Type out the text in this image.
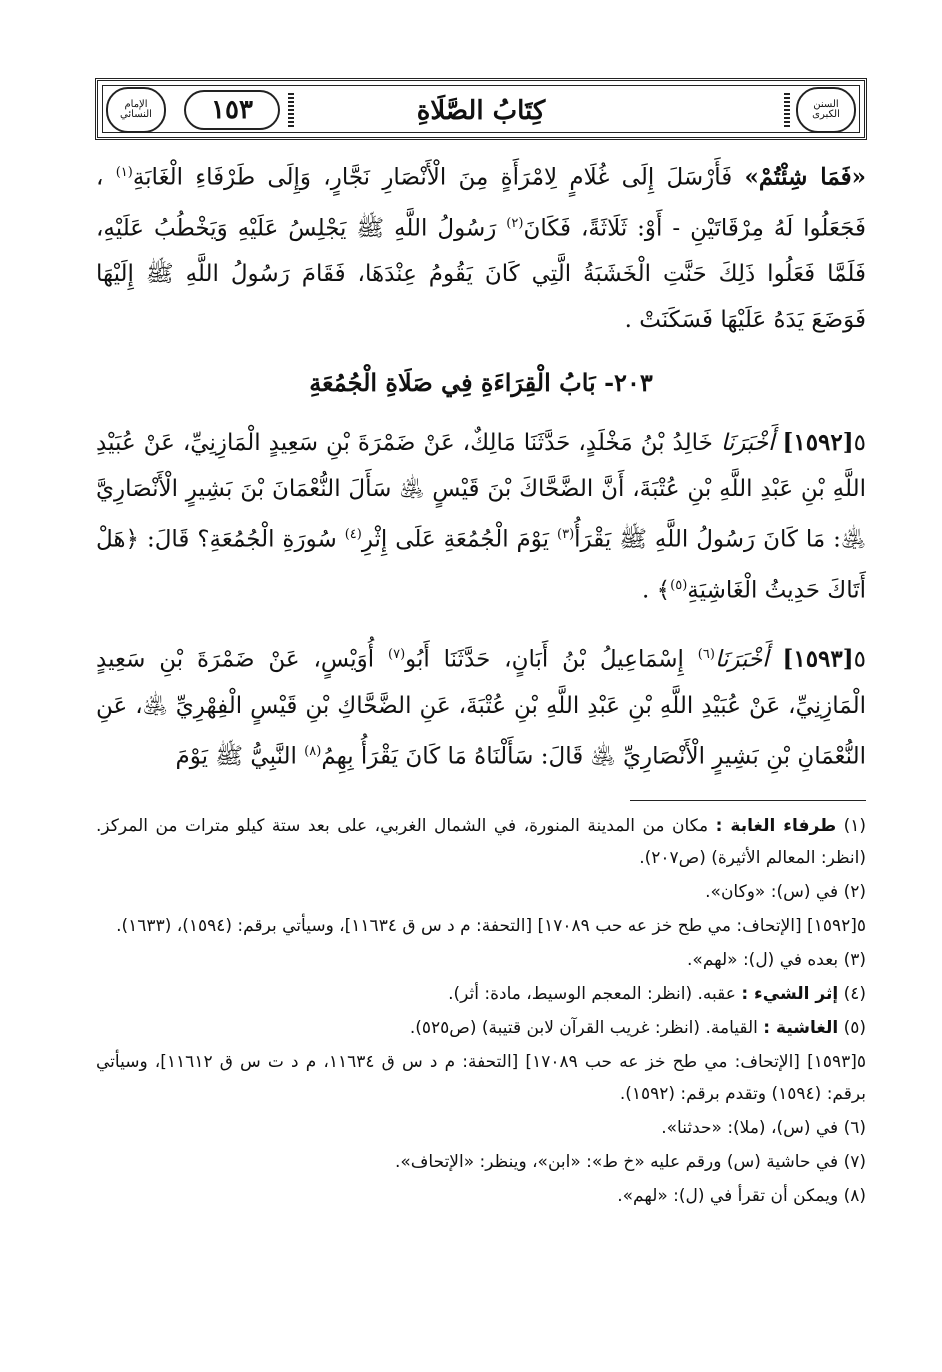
السنن الكبرى
الإمام النسائي	١٥٣	كِتَابُ الصَّلَاةِ
«فَمَا شِئْتُمْ» فَأَرْسَلَ إِلَى غُلَامٍ لِامْرَأَةٍ مِنَ الْأَنْصَارِ نَجَّارٍ، وَإِلَى طَرْفَاءِ الْغَابَةِ$^{(١)}$ ، فَجَعَلُوا لَهُ مِرْقَاتَيْنِ - أَوْ: ثَلَاثَةً، فَكَانَ$^{(٢)}$ رَسُولُ اللَّهِ ﷺ يَجْلِسُ عَلَيْهِ وَيَخْطُبُ عَلَيْهِ، فَلَمَّا فَعَلُوا ذَلِكَ حَنَّتِ الْخَشَبَةُ الَّتِي كَانَ يَقُومُ عِنْدَهَا، فَقَامَ رَسُولُ اللَّهِ ﷺ إِلَيْهَا فَوَضَعَ يَدَهُ عَلَيْهَا فَسَكَنَتْ .
٢٠٣- بَابُ الْقِرَاءَةِ فِي صَلَاةِ الْجُمُعَةِ
٥[١٥٩٢] أَخْبَرَنَا خَالِدُ بْنُ مَخْلَدٍ، حَدَّثَنَا مَالِكٌ، عَنْ ضَمْرَةَ بْنِ سَعِيدٍ الْمَازِنِيِّ، عَنْ عُبَيْدِ اللَّهِ بْنِ عَبْدِ اللَّهِ بْنِ عُتْبَةَ، أَنَّ الضَّحَّاكَ بْنَ قَيْسٍ ﵁ سَأَلَ النُّعْمَانَ بْنَ بَشِيرٍ الْأَنْصَارِيَّ ﵁: مَا كَانَ رَسُولُ اللَّهِ ﷺ يَقْرَأُ$^{(٣)}$ يَوْمَ الْجُمُعَةِ عَلَى إِثْرِ$^{(٤)}$ سُورَةِ الْجُمُعَةِ؟ قَالَ: ﴿هَلْ أَتَاكَ حَدِيثُ الْغَاشِيَةِ$^{(٥)}$﴾ .
٥[١٥٩٣] أَخْبَرَنَا$^{(٦)}$ إِسْمَاعِيلُ بْنُ أَبَانٍ، حَدَّثَنَا أَبُو$^{(٧)}$ أُوَيْسٍ، عَنْ ضَمْرَةَ بْنِ سَعِيدٍ الْمَازِنِيِّ، عَنْ عُبَيْدِ اللَّهِ بْنِ عَبْدِ اللَّهِ بْنِ عُتْبَةَ، عَنِ الضَّحَّاكِ بْنِ قَيْسٍ الْفِهْرِيِّ ﵁، عَنِ النُّعْمَانِ بْنِ بَشِيرٍ الْأَنْصَارِيِّ ﵁ قَالَ: سَأَلْنَاهُ مَا كَانَ يَقْرَأُ بِهِمُ$^{(٨)}$ النَّبِيُّ ﷺ يَوْمَ
(١) طرفاء الغابة : مكان من المدينة المنورة، في الشمال الغربي، على بعد ستة كيلو مترات من المركز. (انظر: المعالم الأثيرة) (ص٢٠٧).
(٢) في (س): «وكان».
٥[١٥٩٢] [الإتحاف: مي طح خز عه حب ١٧٠٨٩] [التحفة: م د س ق ١١٦٣٤]، وسيأتي برقم: (١٥٩٤)، (١٦٣٣).
(٣) بعده في (ل): «لهم».
(٤) إثر الشيء : عقبه. (انظر: المعجم الوسيط، مادة: أثر).
(٥) الغاشية : القيامة. (انظر: غريب القرآن لابن قتيبة) (ص٥٢٥).
٥[١٥٩٣] [الإتحاف: مي طح خز عه حب ١٧٠٨٩] [التحفة: م د س ق ١١٦٣٤، م د ت س ق ١١٦١٢]، وسيأتي برقم: (١٥٩٤) وتقدم برقم: (١٥٩٢).
(٦) في (س)، (ملا): «حدثنا».
(٧) في حاشية (س) ورقم عليه «خ ط»: «ابن»، وينظر: «الإتحاف».
(٨) ويمكن أن تقرأ في (ل): «لهم».
